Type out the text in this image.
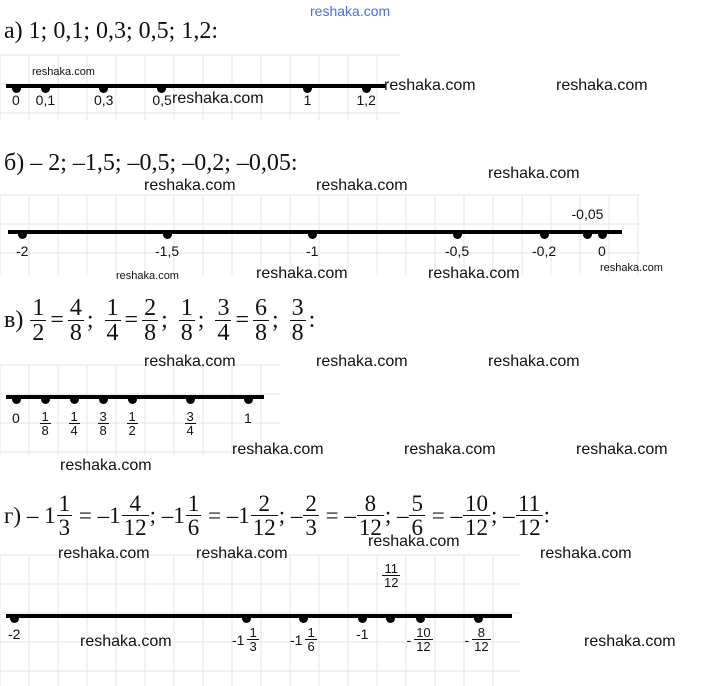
reshaka.com
а) 1; 0,1; 0,3; 0,5; 1,2:
0 0,1	0,3	0,5	1	1,2
reshaka.com
reshaka.com
reshaka.com	reshaka.com
б) – 2; –1,5; –0,5; –0,2; –0,05:
-2	-1,5	-1	-0,5	-0,2
-0,05
0
reshaka.com	reshaka.com
reshaka.com
reshaka.com	reshaka.com	reshaka.com	reshaka.com
$в) \frac{1}{2} = \frac{4}{8}$ ; $\frac{1}{4} = \frac{2}{8}$ ; $\frac{1}{8}$ ; $\frac{3}{4} = \frac{6}{8}$ ; $\frac{3}{8}$ :
$0 \frac{1}{8} \frac{1}{4} \frac{3}{8} \frac{1}{2}$	$\frac{3}{4}$	1
reshaka.com	reshaka.com	reshaka.com
reshaka.com
reshaka.com	reshaka.com	reshaka.com
$г) - 1 \frac{1}{3} = -1 \frac{4}{12}$ ; $-1 \frac{1}{6} = -1 \frac{2}{12}$ ; – $\frac{2}{3}$ = – $\frac{8}{12}$ ; – $\frac{5}{6}$ = – $\frac{10}{12}$ ; – $\frac{11}{12}$ :
-2	$-1 \frac{1}{3} -1 \frac{1}{6}$	-1
$\frac{11}{12}$
- $\frac{10}{12} - \frac{8}{12}$
reshaka.com	reshaka.com
reshaka.com
reshaka.com
reshaka.com	reshaka.com
